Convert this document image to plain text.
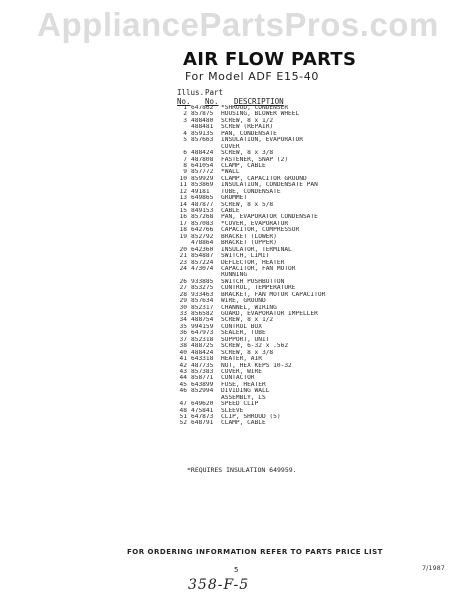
AppliancePartsPros.com
AIR FLOW PARTS
For Model ADF E15-40
Illus. Part
No. No. DESCRIPTION
1 647862 *SHROUD, CONDENSER
2 857875 HOUSING, BLOWER WHEEL
3 488480 SCREW, 8 x 1/2
488481 SCREW (REPAIR)
4 859135 PAN, CONDENSATE
5 857663 INSULATION, EVAPORATOR
COVER
6 488424 SCREW, 8 x 3/8
7 487808 FASTENER, SNAP (2)
8 641054 CLAMP, CABLE
9 857772 *WALL
10 859929 CLAMP, CAPACITOR GROUND
11 853869 INSULATION, CONDENSATE PAN
12 49181 TUBE, CONDENSATE
13 649865 GROMMET
14 487877 SCREW, 8 x 5/8
15 849153 CABLE
16 857268 PAN, EVAPORATOR CONDENSATE
17 857083 *COVER, EVAPORATOR
18 642766 CAPACITOR, COMPRESSOR
19 852792 BRACKET (LOWER)
478864 BRACKET (UPPER)
20 642360 INSULATOR, TERMINAL
21 854887 SWITCH, LIMIT
23 857224 DEFLECTOR, HEATER
24 473074 CAPACITOR, FAN MOTOR
RUNNING
26 933885 SWITCH PUSHBUTTON
27 853275 CONTROL, TEMPERATURE
28 933463 BRACKET, FAN MOTOR CAPACITOR
29 857634 WIRE, GROUND
30 852317 CHANNEL, WIRING
33 856582 GUARD, EVAPORATOR IMPELLER
34 488754 SCREW, 8 x 1/2
35 994159 CONTROL BOX
36 647973 SEALER, TUBE
37 852318 SUPPORT, UNIT
38 488725 SCREW, 6-32 x .562
40 488424 SCREW, 8 x 3/8
41 643318 HEATER, AIR
42 487735 NUT, HEX KEPS 10-32
43 857383 COVER, WIRE
44 858771 CONTACTOR
45 643899 FUSE, HEATER
46 852994 DIVIDING WALL
ASSEMBLY, LS
47 649620 SPEED CLIP
48 475841 SLEEVE
51 647873 CLIP, SHROUD (5)
52 648791 CLAMP, CABLE
*REQUIRES INSULATION 649959.
FOR ORDERING INFORMATION REFER TO PARTS PRICE LIST
5	7/1987
358-F-5
